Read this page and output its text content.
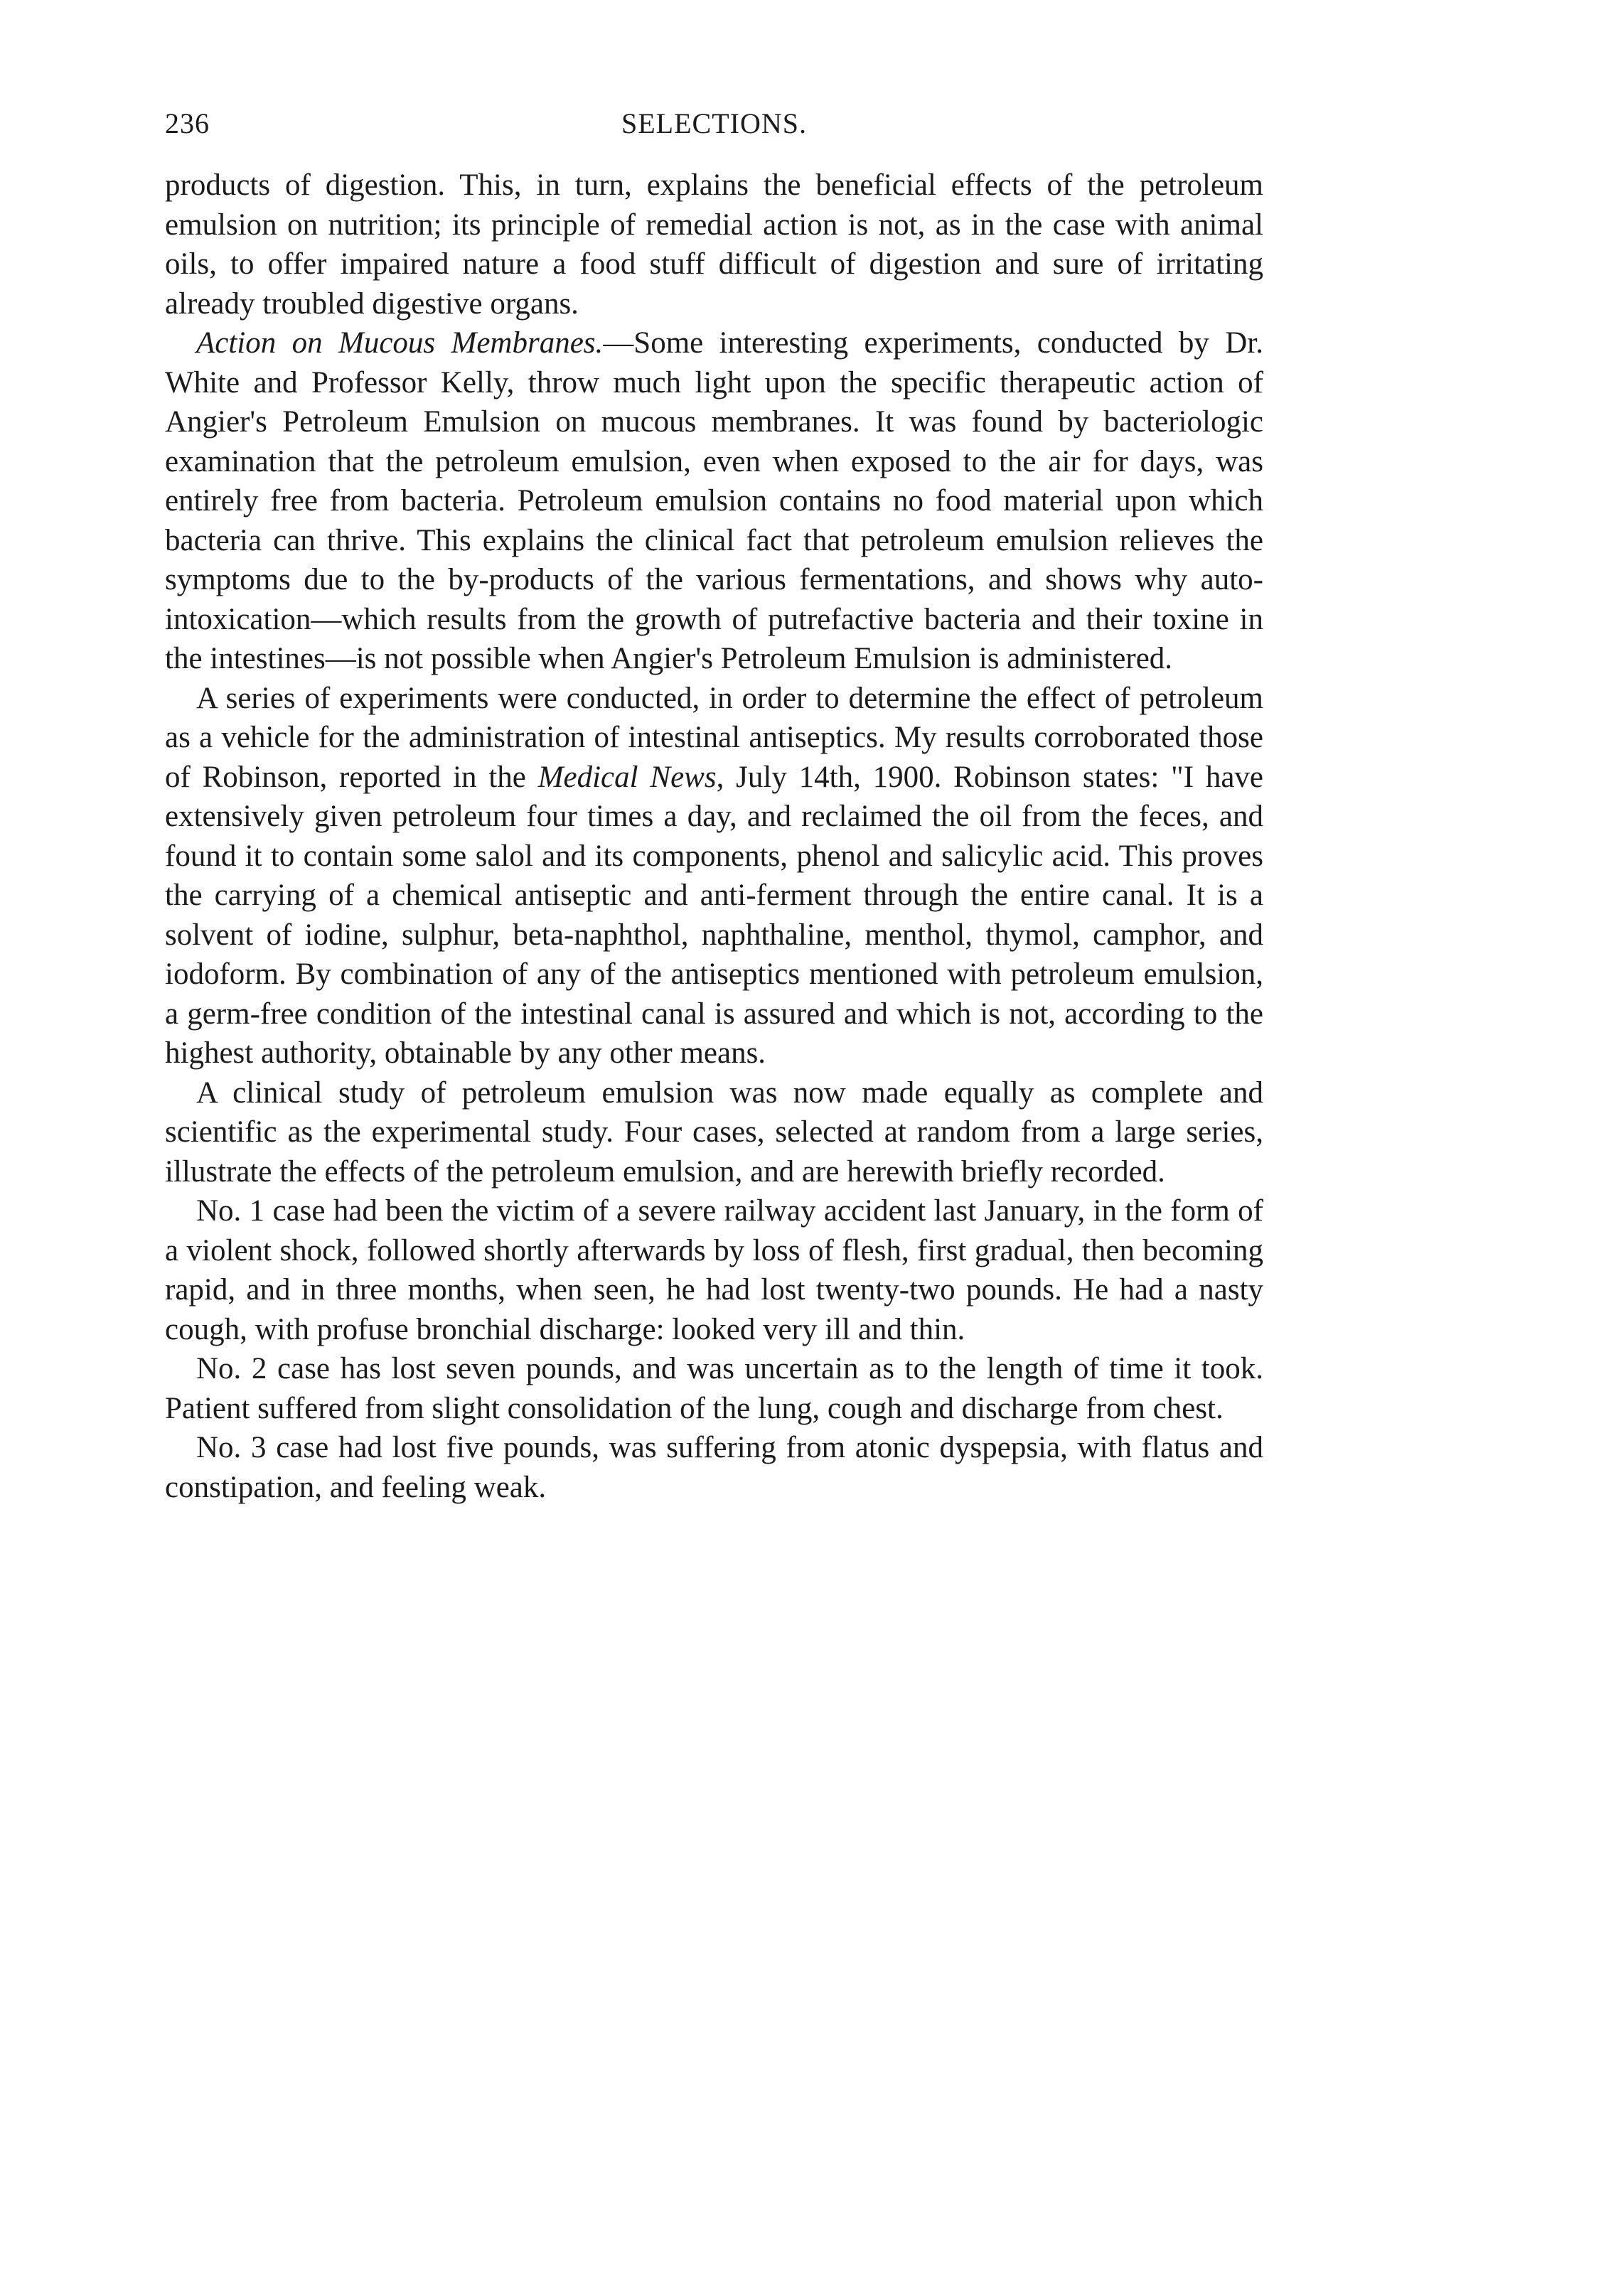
236	SELECTIONS.

products of digestion. This, in turn, explains the beneficial effects of the petroleum emulsion on nutrition; its principle of remedial action is not, as in the case with animal oils, to offer impaired nature a food stuff difficult of digestion and sure of irritating already troubled digestive organs.

Action on Mucous Membranes.—Some interesting experiments, conducted by Dr. White and Professor Kelly, throw much light upon the specific therapeutic action of Angier's Petroleum Emulsion on mucous membranes. It was found by bacteriologic examination that the petroleum emulsion, even when exposed to the air for days, was entirely free from bacteria. Petroleum emulsion contains no food material upon which bacteria can thrive. This explains the clinical fact that petroleum emulsion relieves the symptoms due to the by-products of the various fermentations, and shows why auto-intoxication—which results from the growth of putrefactive bacteria and their toxine in the intestines—is not possible when Angier's Petroleum Emulsion is administered.

A series of experiments were conducted, in order to determine the effect of petroleum as a vehicle for the administration of intestinal antiseptics. My results corroborated those of Robinson, reported in the Medical News, July 14th, 1900. Robinson states: "I have extensively given petroleum four times a day, and reclaimed the oil from the feces, and found it to contain some salol and its components, phenol and salicylic acid. This proves the carrying of a chemical antiseptic and anti-ferment through the entire canal. It is a solvent of iodine, sulphur, beta-naphthol, naphthaline, menthol, thymol, camphor, and iodoform. By combination of any of the antiseptics mentioned with petroleum emulsion, a germ-free condition of the intestinal canal is assured and which is not, according to the highest authority, obtainable by any other means.

A clinical study of petroleum emulsion was now made equally as complete and scientific as the experimental study. Four cases, selected at random from a large series, illustrate the effects of the petroleum emulsion, and are herewith briefly recorded.

No. 1 case had been the victim of a severe railway accident last January, in the form of a violent shock, followed shortly afterwards by loss of flesh, first gradual, then becoming rapid, and in three months, when seen, he had lost twenty-two pounds. He had a nasty cough, with profuse bronchial discharge: looked very ill and thin.

No. 2 case has lost seven pounds, and was uncertain as to the length of time it took. Patient suffered from slight consolidation of the lung, cough and discharge from chest.

No. 3 case had lost five pounds, was suffering from atonic dyspepsia, with flatus and constipation, and feeling weak.
